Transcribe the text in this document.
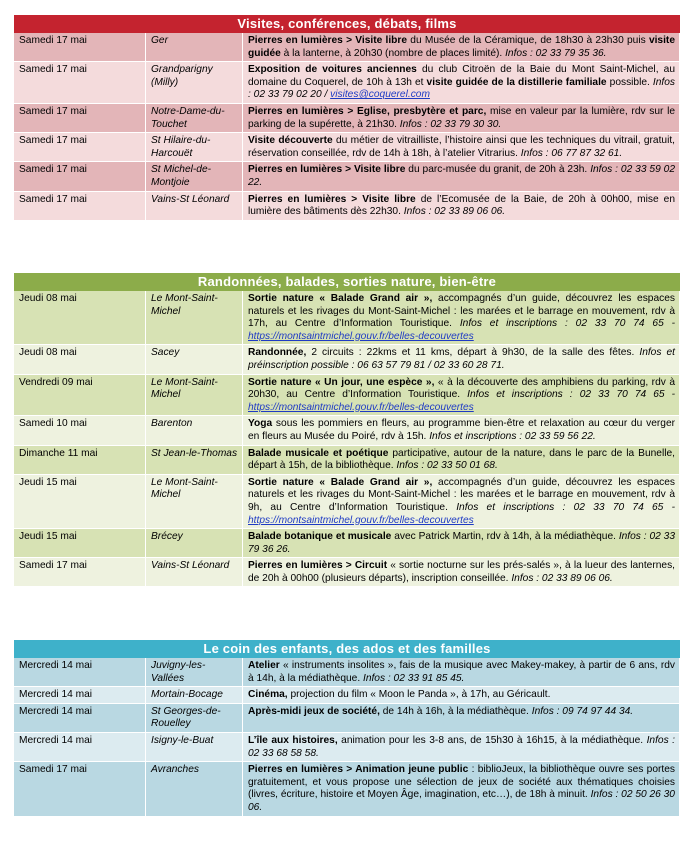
Visites, conférences, débats, films
Samedi 17 mai	Ger	Pierres en lumières > Visite libre du Musée de la Céramique, de 18h30 à 23h30 puis visite guidée à la lanterne, à 20h30 (nombre de places limité). Infos : 02 33 79 35 36.
Samedi 17 mai	Grandparigny (Milly)	Exposition de voitures anciennes du club Citroën de la Baie du Mont Saint-Michel, au domaine du Coquerel, de 10h à 13h et visite guidée de la distillerie familiale possible. Infos : 02 33 79 02 20 / visites@coquerel.com
Samedi 17 mai	Notre-Dame-du-Touchet	Pierres en lumières > Eglise, presbytère et parc, mise en valeur par la lumière, rdv sur le parking de la supérette, à 21h30. Infos : 02 33 79 30 30.
Samedi 17 mai	St Hilaire-du-Harcouët	Visite découverte du métier de vitrailliste, l’histoire ainsi que les techniques du vitrail, gratuit, réservation conseillée, rdv de 14h à 18h, à l’atelier Vitrarius. Infos : 06 77 87 32 61.
Samedi 17 mai	St Michel-de-Montjoie	Pierres en lumières > Visite libre du parc-musée du granit, de 20h à 23h. Infos : 02 33 59 02 22.
Samedi 17 mai	Vains-St Léonard	Pierres en lumières > Visite libre de l’Ecomusée de la Baie, de 20h à 00h00, mise en lumière des bâtiments dès 22h30. Infos : 02 33 89 06 06.
Randonnées, balades, sorties nature, bien-être
Jeudi 08 mai	Le Mont-Saint-Michel	Sortie nature « Balade Grand air », accompagnés d’un guide, découvrez les espaces naturels et les rivages du Mont-Saint-Michel : les marées et le barrage en mouvement, rdv à 17h, au Centre d’Information Touristique. Infos et inscriptions : 02 33 70 74 65 - https://montsaintmichel.gouv.fr/belles-decouvertes
Jeudi 08 mai	Sacey	Randonnée, 2 circuits : 22kms et 11 kms, départ à 9h30, de la salle des fêtes. Infos et préinscription possible : 06 63 57 79 81 / 02 33 60 28 71.
Vendredi 09 mai	Le Mont-Saint-Michel	Sortie nature « Un jour, une espèce », « à la découverte des amphibiens du parking, rdv à 20h30, au Centre d’Information Touristique. Infos et inscriptions : 02 33 70 74 65 - https://montsaintmichel.gouv.fr/belles-decouvertes
Samedi 10 mai	Barenton	Yoga sous les pommiers en fleurs, au programme bien-être et relaxation au cœur du verger en fleurs au Musée du Poiré, rdv à 15h. Infos et inscriptions : 02 33 59 56 22.
Dimanche 11 mai	St Jean-le-Thomas	Balade musicale et poétique participative, autour de la nature, dans le parc de la Bunelle, départ à 15h, de la bibliothèque. Infos : 02 33 50 01 68.
Jeudi 15 mai	Le Mont-Saint-Michel	Sortie nature « Balade Grand air », accompagnés d’un guide, découvrez les espaces naturels et les rivages du Mont-Saint-Michel : les marées et le barrage en mouvement, rdv à 9h, au Centre d’Information Touristique. Infos et inscriptions : 02 33 70 74 65 - https://montsaintmichel.gouv.fr/belles-decouvertes
Jeudi 15 mai	Brécey	Balade botanique et musicale avec Patrick Martin, rdv à 14h, à la médiathèque. Infos : 02 33 79 36 26.
Samedi 17 mai	Vains-St Léonard	Pierres en lumières > Circuit « sortie nocturne sur les prés-salés », à la lueur des lanternes, de 20h à 00h00 (plusieurs départs), inscription conseillée. Infos : 02 33 89 06 06.
Le coin des enfants, des ados et des familles
Mercredi 14 mai	Juvigny-les-Vallées	Atelier « instruments insolites », fais de la musique avec Makey-makey, à partir de 6 ans, rdv à 14h, à la médiathèque. Infos : 02 33 91 85 45.
Mercredi 14 mai	Mortain-Bocage	Cinéma, projection du film « Moon le Panda », à 17h, au Géricault.
Mercredi 14 mai	St Georges-de-Rouelley	Après-midi jeux de société, de 14h à 16h, à la médiathèque. Infos : 09 74 97 44 34.
Mercredi 14 mai	Isigny-le-Buat	L’île aux histoires, animation pour les 3-8 ans, de 15h30 à 16h15, à la médiathèque. Infos : 02 33 68 58 58.
Samedi 17 mai	Avranches	Pierres en lumières > Animation jeune public : biblioJeux, la bibliothèque ouvre ses portes gratuitement, et vous propose une sélection de jeux de société aux thématiques choisies (livres, écriture, histoire et Moyen Âge, imagination, etc…), de 18h à minuit. Infos : 02 50 26 30 06.
